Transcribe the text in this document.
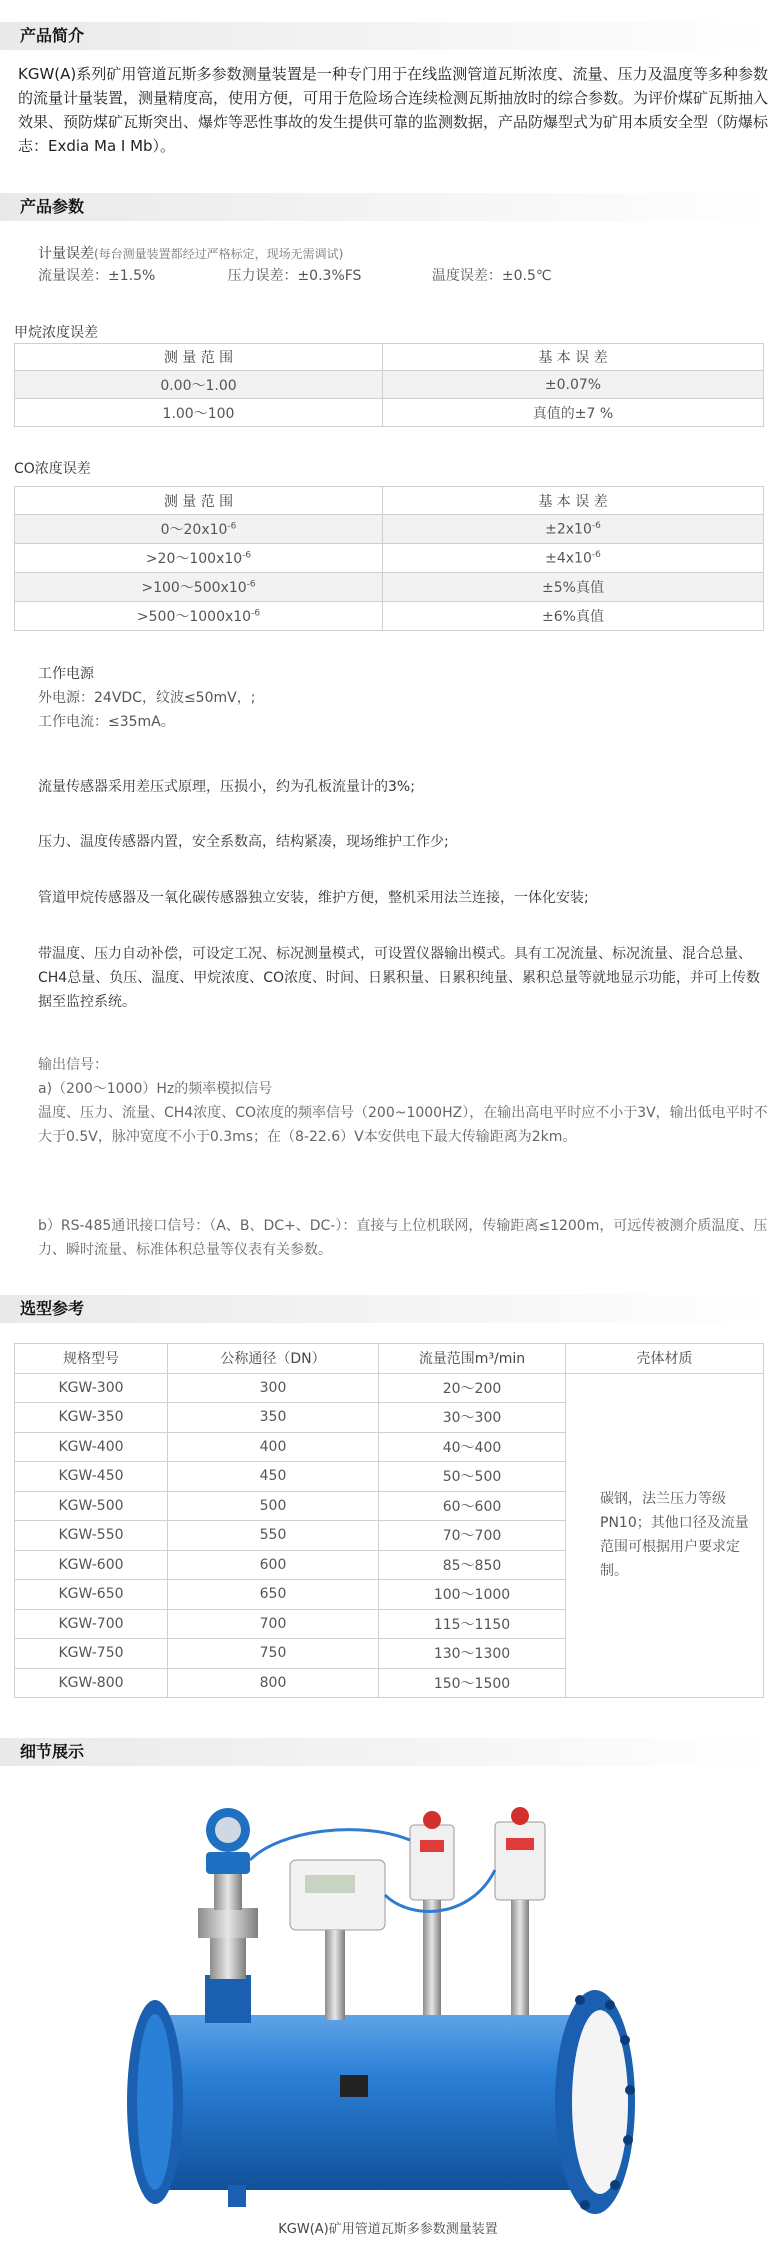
产品简介
KGW(A)系列矿用管道瓦斯多参数测量装置是一种专门用于在线监测管道瓦斯浓度、流量、压力及温度等多种参数的流量计量装置，测量精度高，使用方便，可用于危险场合连续检测瓦斯抽放时的综合参数。为评价煤矿瓦斯抽入效果、预防煤矿瓦斯突出、爆炸等恶性事故的发生提供可靠的监测数据，产品防爆型式为矿用本质安全型（防爆标志：Exdia Ma I Mb）。
产品参数
计量误差(每台测量装置都经过严格标定，现场无需调试)
流量误差：±1.5%	压力误差：±0.3%FS	温度误差：±0.5℃
甲烷浓度误差
测 量 范 围	基 本 误 差
0.00～1.00	±0.07%
1.00～100	真值的±7 %
CO浓度误差
测 量 范 围	基 本 误 差
$0\sim 20x10^{-6}$	$\pm 2x10^{-6}$
$>20\sim 100x10^{-6}$	$\pm 4x10^{-6}$
$>100\sim 500x10^{-6}$	±5%真值
$>500\sim 1000x10^{-6}$	±6%真值
工作电源
外电源：24VDC，纹波≤50mV，;
工作电流：≤35mA。
流量传感器采用差压式原理，压损小，约为孔板流量计的3%;
压力、温度传感器内置，安全系数高，结构紧凑，现场维护工作少;
管道甲烷传感器及一氧化碳传感器独立安装，维护方便，整机采用法兰连接，一体化安装;
带温度、压力自动补偿，可设定工况、标况测量模式，可设置仪器输出模式。具有工况流量、标况流量、混合总量、CH4总量、负压、温度、甲烷浓度、CO浓度、时间、日累积量、日累积纯量、累积总量等就地显示功能，并可上传数据至监控系统。
输出信号：
a)（200～1000）Hz的频率模拟信号
温度、压力、流量、CH4浓度、CO浓度的频率信号（200~1000HZ），在输出高电平时应不小于3V，输出低电平时不大于0.5V，脉冲宽度不小于0.3ms；在（8-22.6）V本安供电下最大传输距离为2km。
b）RS-485通讯接口信号：（A、B、DC+、DC-）：直接与上位机联网，传输距离≤1200m，可远传被测介质温度、压力、瞬时流量、标准体积总量等仪表有关参数。
选型参考
规格型号	公称通径（DN）	流量范围m³/min	壳体材质
KGW-300	300	20～200	碳钢，法兰压力等级PN10；其他口径及流量范围可根据用户要求定制。

KGW-350	350	30～300	
KGW-400	400	40～400	
KGW-450	450	50～500	
KGW-500	500	60～600	
KGW-550	550	70～700	
KGW-600	600	85～850	
KGW-650	650	100～1000	
KGW-700	700	115～1150	
KGW-750	750	130～1300	
KGW-800	800	150～1500	
细节展示
KGW(A)矿用管道瓦斯多参数测量装置
